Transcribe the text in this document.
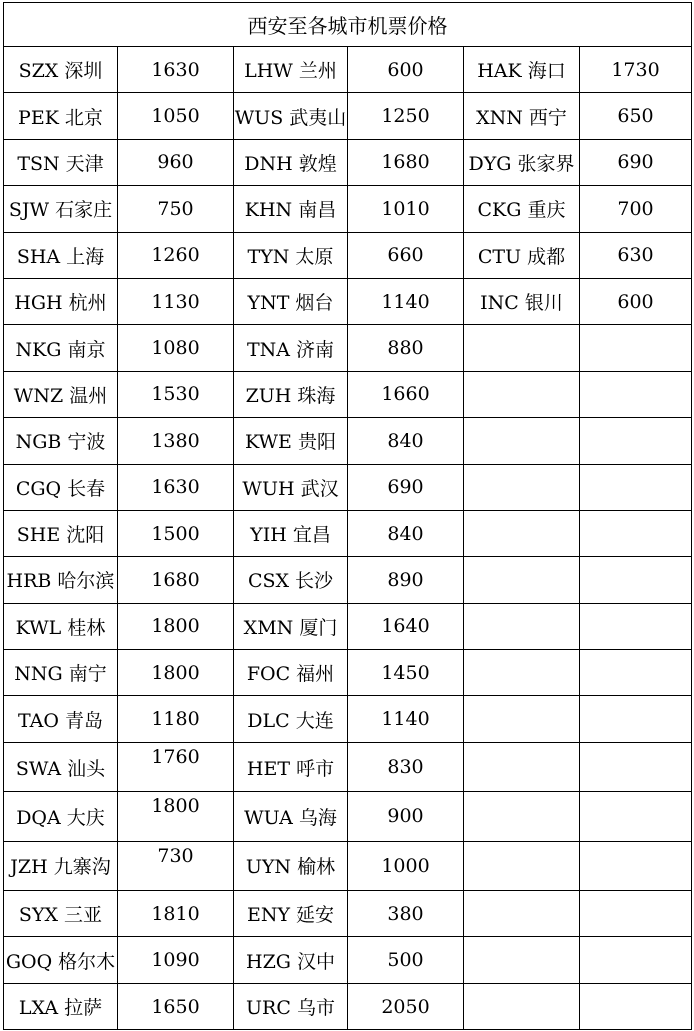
西安至各城市机票价格					
SZX 深圳	1630	LHW 兰州	600	HAK 海口	1730
PEK 北京	1050	WUS 武夷山	1250	XNN 西宁	650
TSN 天津	960	DNH 敦煌	1680	DYG 张家界	690
SJW 石家庄	750	KHN 南昌	1010	CKG 重庆	700
SHA 上海	1260	TYN 太原	660	CTU 成都	630
HGH 杭州	1130	YNT 烟台	1140	INC 银川	600
NKG 南京	1080	TNA 济南	880		
WNZ 温州	1530	ZUH 珠海	1660		
NGB 宁波	1380	KWE 贵阳	840		
CGQ 长春	1630	WUH 武汉	690		
SHE 沈阳	1500	YIH 宜昌	840		
HRB 哈尔滨	1680	CSX 长沙	890		
KWL 桂林	1800	XMN 厦门	1640		
NNG 南宁	1800	FOC 福州	1450		
TAO 青岛	1180	DLC 大连	1140		
SWA 汕头	1760	HET 呼市	830		
DQA 大庆	1800	WUA 乌海	900		
JZH 九寨沟	730	UYN 榆林	1000		
SYX 三亚	1810	ENY 延安	380		
GOQ 格尔木	1090	HZG 汉中	500		
LXA 拉萨	1650	URC 乌市	2050		
